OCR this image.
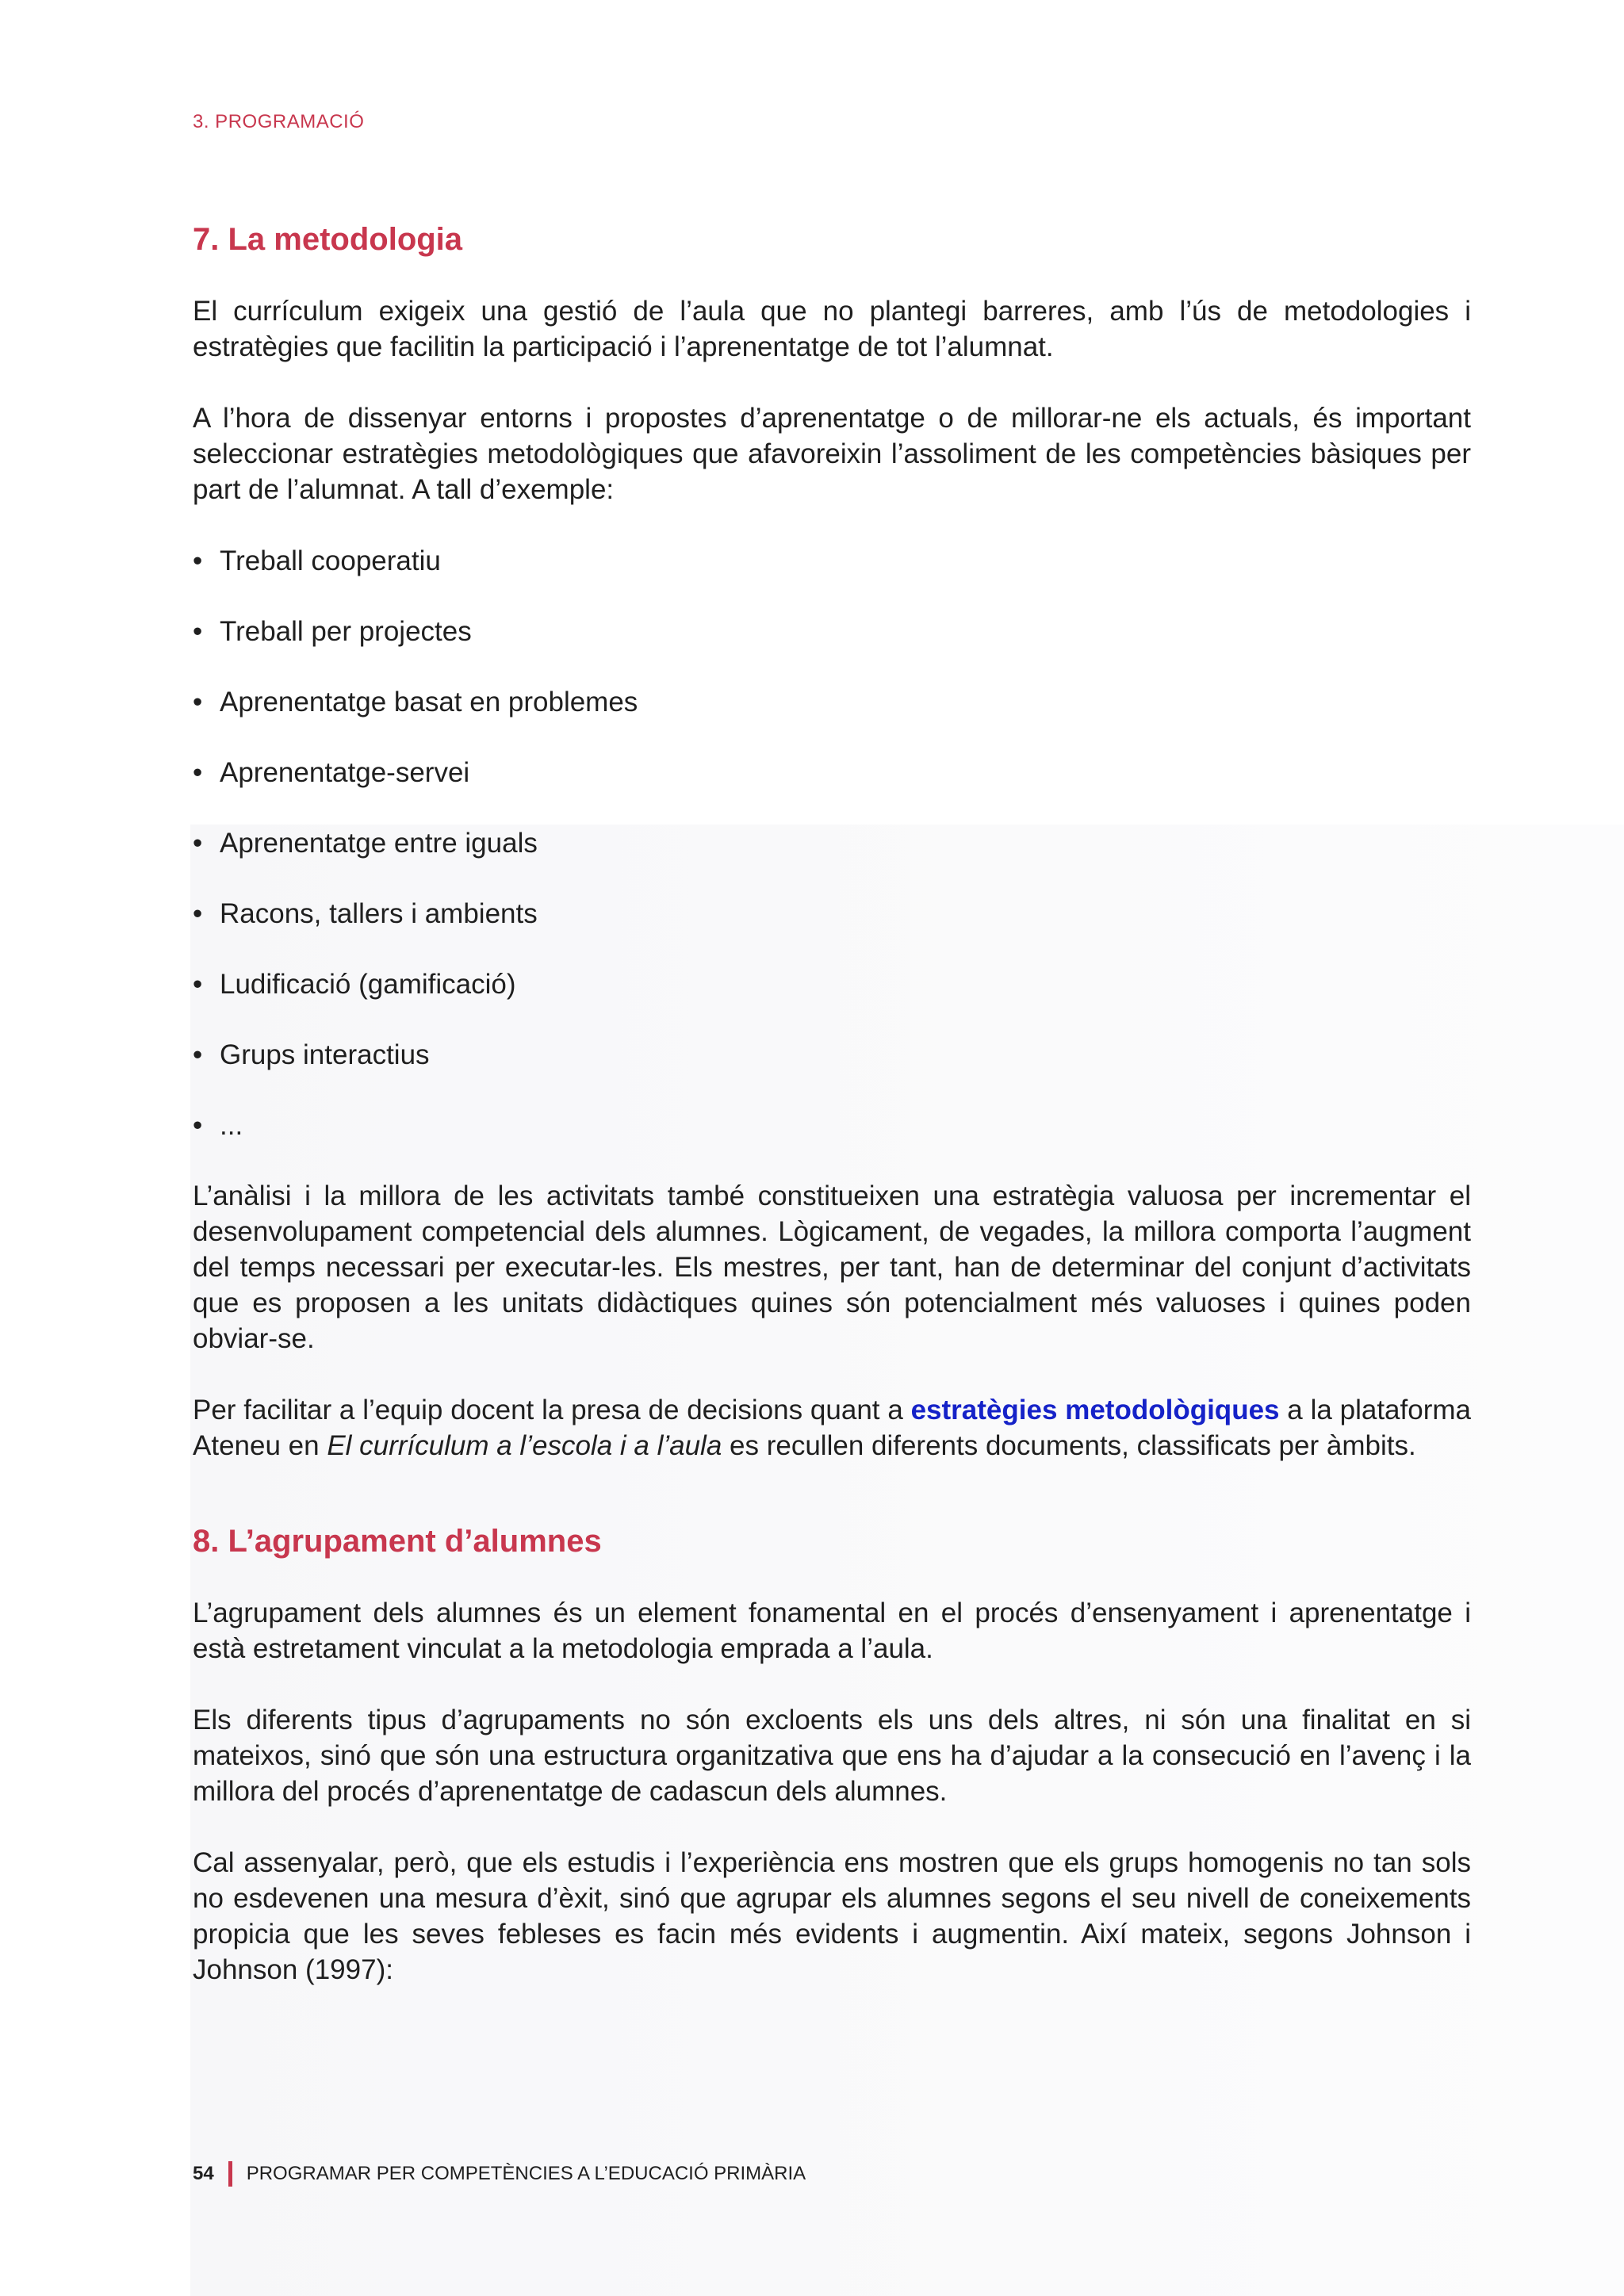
3. PROGRAMACIÓ
7. La metodologia

El currículum exigeix una gestió de l’aula que no plantegi barreres, amb l’ús de metodologies i estratègies que facilitin la participació i l’aprenentatge de tot l’alumnat.

A l’hora de dissenyar entorns i propostes d’aprenentatge o de millorar-ne els actuals, és important seleccionar estratègies metodològiques que afavoreixin l’assoliment de les competències bàsiques per part de l’alumnat. A tall d’exemple:

• Treball cooperatiu
• Treball per projectes
• Aprenentatge basat en problemes
• Aprenentatge-servei
• Aprenentatge entre iguals
• Racons, tallers i ambients
• Ludificació (gamificació)
• Grups interactius
• ...

L’anàlisi i la millora de les activitats també constitueixen una estratègia valuosa per incrementar el desenvolupament competencial dels alumnes. Lògicament, de vegades, la millora comporta l’augment del temps necessari per executar-les. Els mestres, per tant, han de determinar del conjunt d’activitats que es proposen a les unitats didàctiques quines són potencialment més valuoses i quines poden obviar-se.

Per facilitar a l’equip docent la presa de decisions quant a estratègies metodològiques a la plataforma Ateneu en El currículum a l’escola i a l’aula es recullen diferents documents, classificats per àmbits.

8. L’agrupament d’alumnes

L’agrupament dels alumnes és un element fonamental en el procés d’ensenyament i aprenentatge i està estretament vinculat a la metodologia emprada a l’aula.

Els diferents tipus d’agrupaments no són excloents els uns dels altres, ni són una finalitat en si mateixos, sinó que són una estructura organitzativa que ens ha d’ajudar a la consecució en l’avenç i la millora del procés d’aprenentatge de cadascun dels alumnes.

Cal assenyalar, però, que els estudis i l’experiència ens mostren que els grups homogenis no tan sols no esdevenen una mesura d’èxit, sinó que agrupar els alumnes segons el seu nivell de coneixements propicia que les seves febleses es facin més evidents i augmentin. Així mateix, segons Johnson i Johnson (1997):

54 PROGRAMAR PER COMPETÈNCIES A L’EDUCACIÓ PRIMÀRIA
